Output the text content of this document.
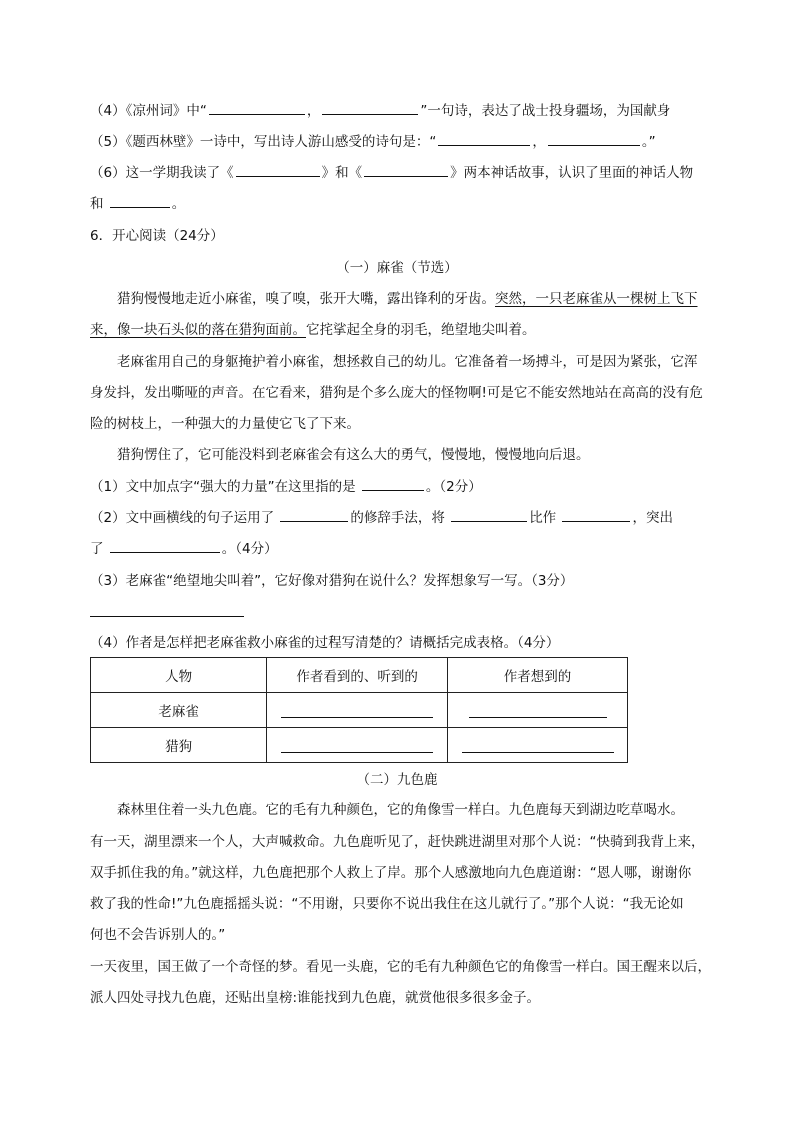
（4）《凉州词》中“	，	”一句诗，表达了战士投身疆场，为国献身
（5）《题西林壁》一诗中，写出诗人游山感受的诗句是：“	，	。”
（6）这一学期我读了《	》和《	》两本神话故事，认识了里面的神话人物
和	。
6．开心阅读（24分）
（一）麻雀（节选）
猎狗慢慢地走近小麻雀，嗅了嗅，张开大嘴，露出锋利的牙齿。突然，一只老麻雀从一棵树上飞下
来，像一块石头似的落在猎狗面前。它挓挲起全身的羽毛，绝望地尖叫着。
老麻雀用自己的身躯掩护着小麻雀，想拯救自己的幼儿。它准备着一场搏斗，可是因为紧张，它浑
身发抖，发出嘶哑的声音。在它看来，猎狗是个多么庞大的怪物啊!可是它不能安然地站在高高的没有危
险的树枝上，一种强大的力量使它飞了下来。
猎狗愣住了，它可能没料到老麻雀会有这么大的勇气，慢慢地，慢慢地向后退。
（1）文中加点字“强大的力量”在这里指的是	。（2分）
（2）文中画横线的句子运用了	的修辞手法，将	比作	，突出
了	。（4分）
（3）老麻雀“绝望地尖叫着”，它好像对猎狗在说什么？发挥想象写一写。（3分）
（4）作者是怎样把老麻雀救小麻雀的过程写清楚的？请概括完成表格。（4分）
人物	作者看到的、听到的	作者想到的
老麻雀		
猎狗		
（二）九色鹿
森林里住着一头九色鹿。它的毛有九种颜色，它的角像雪一样白。九色鹿每天到湖边吃草喝水。
有一天，湖里漂来一个人，大声喊救命。九色鹿听见了，赶快跳进湖里对那个人说：“快骑到我背上来，
双手抓住我的角。”就这样，九色鹿把那个人救上了岸。那个人感激地向九色鹿道谢：“恩人哪，谢谢你
救了我的性命!”九色鹿摇摇头说：“不用谢，只要你不说出我住在这儿就行了。”那个人说：“我无论如
何也不会告诉别人的。”
一天夜里，国王做了一个奇怪的梦。看见一头鹿，它的毛有九种颜色它的角像雪一样白。国王醒来以后，
派人四处寻找九色鹿，还贴出皇榜:谁能找到九色鹿，就赏他很多很多金子。
